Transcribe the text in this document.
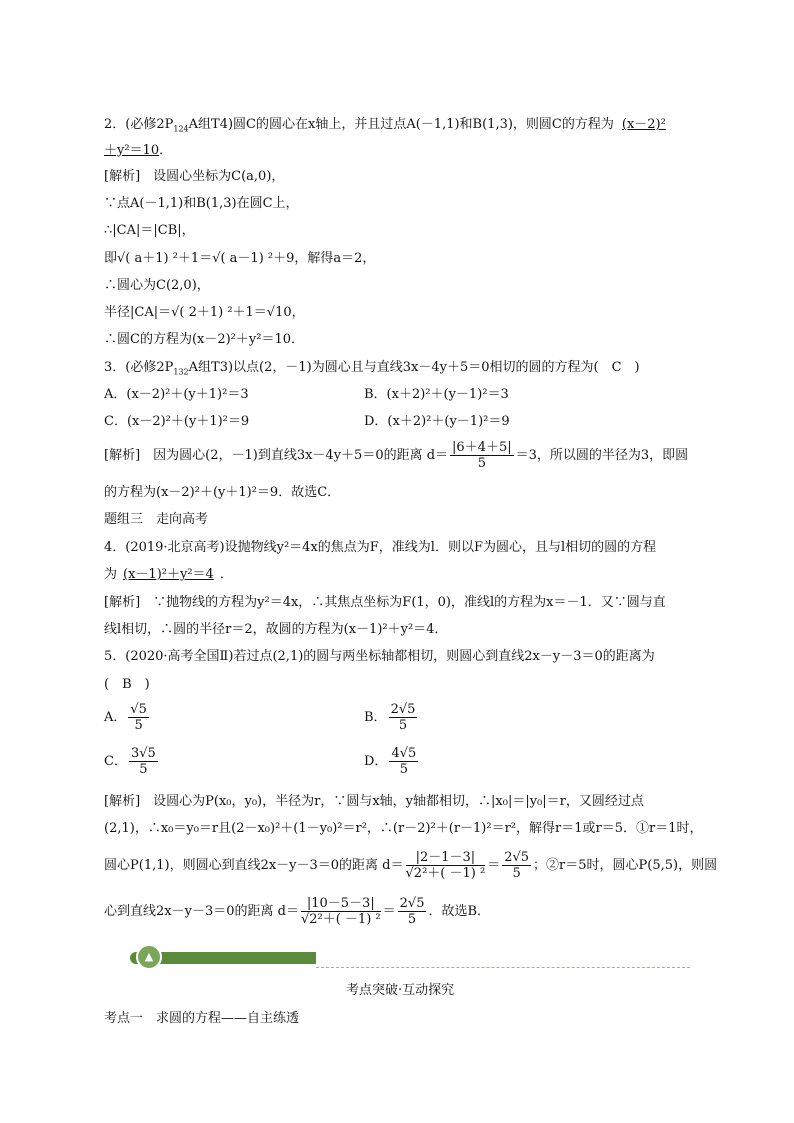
2．(必修$2P_{124}A$组T4)圆C的圆心在x轴上，并且过点A(－1,1)和B(1,3)，则圆C的方程为 (x－2)²
＋y²＝10．
[解析]　设圆心坐标为C(a,0)，
∵点A(－1,1)和B(1,3)在圆C上，
∴|CA|＝|CB|，
即√( a＋1) ²＋1＝√( a－1) ²＋9，解得a＝2，
∴圆心为C(2,0)，
半径|CA|＝√( 2＋1) ²＋1＝√10，
∴圆C的方程为(x－2)²＋y²＝10．
3．(必修$2P_{132}A$组T3)以点(2，－1)为圆心且与直线3x－4y＋5＝0相切的圆的方程为(　C　)
A．(x－2)²＋(y＋1)²＝3	B．(x＋2)²＋(y－1)²＝3
C．(x－2)²＋(y＋1)²＝9	D．(x＋2)²＋(y－1)²＝9
[解析]　因为圆心(2，－1)到直线3x－4y＋5＝0的距离 $d= \frac{|6+4+5|}{5} =3$，所以圆的半径为3，即圆
的方程为(x－2)²＋(y＋1)²＝9．故选C．
题组三　走向高考
4．(2019·北京高考)设抛物线y²＝4x的焦点为F，准线为l．则以F为圆心，且与l相切的圆的方程
为 (x－1)²＋y²＝4 ．
[解析]　∵抛物线的方程为y²＝4x，∴其焦点坐标为F(1，0)，准线l的方程为x＝－1．又∵圆与直
线l相切，∴圆的半径r＝2，故圆的方程为(x－1)²＋y²＝4．
5．(2020·高考全国Ⅱ)若过点(2,1)的圆与两坐标轴都相切，则圆心到直线2x－y－3＝0的距离为
(　B　)
A． $\frac{√5}{5}$	B． $\frac{2√5}{5}$
C． $\frac{3√5}{5}$	D． $\frac{4√5}{5}$
[解析]　设圆心为P(x₀，y₀)，半径为r，∵圆与x轴，y轴都相切，∴|x₀|＝|y₀|＝r，又圆经过点
(2,1)，∴x₀＝y₀＝r且(2－x₀)²＋(1－y₀)²＝r²，∴(r－2)²＋(r－1)²＝r²，解得r＝1或r＝5．①r＝1时，
圆心P(1,1)，则圆心到直线2x－y－3＝0的距离 $d= \frac{|2-1-3|}{\text{√2²＋( －1) ²}} = \frac{2√5}{5}$ ；②r＝5时，圆心P(5,5)，则圆
心到直线2x－y－3＝0的距离 $d= \frac{|10-5-3|}{\text{√2²＋( －1) ²}} = \frac{2√5}{5}$ ．故选B．
▲
考点突破·互动探究
考点一　求圆的方程——自主练透
